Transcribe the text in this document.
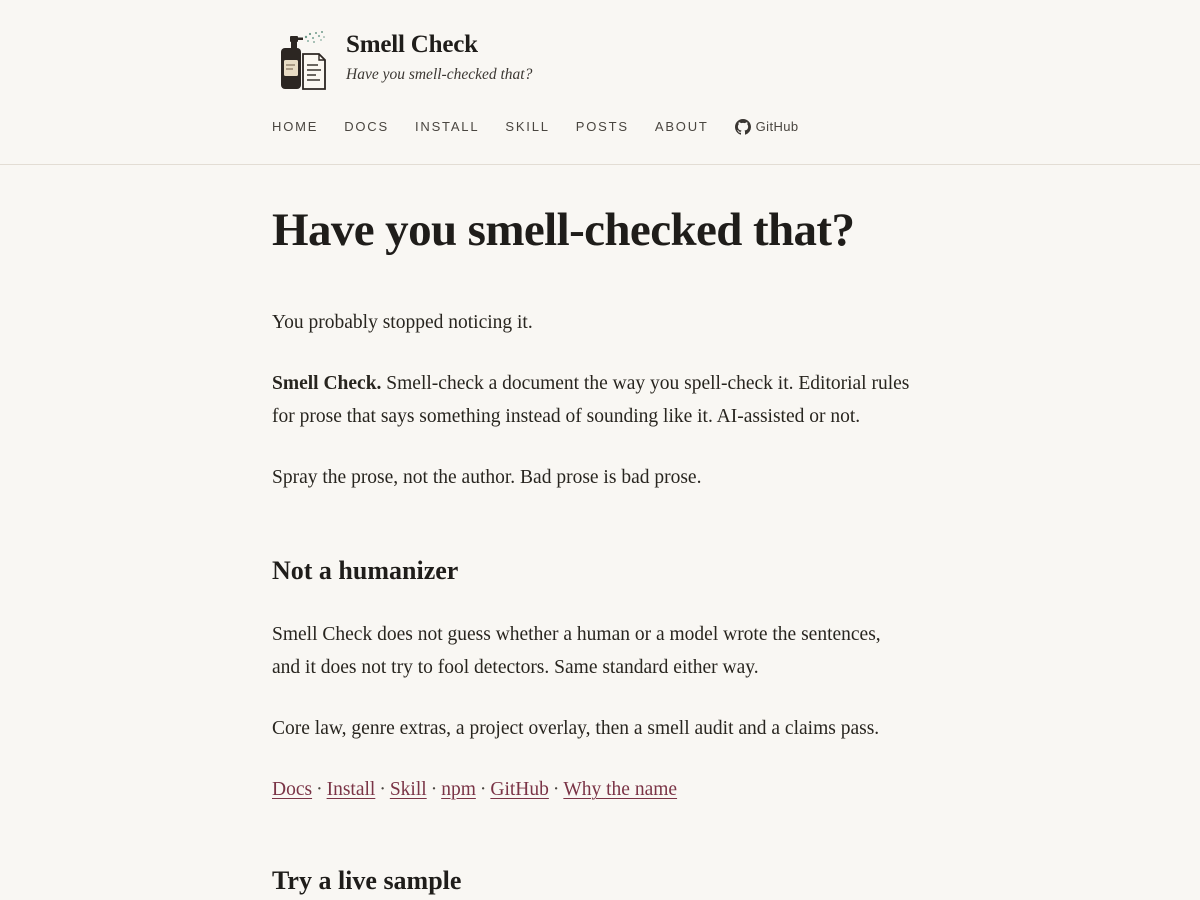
Smell Check
Have you smell-checked that?
HOME DOCS INSTALL SKILL POSTS ABOUT	GitHub
Have you smell-checked that?

You probably stopped noticing it.

Smell Check. Smell-check a document the way you spell-check it. Editorial rules for prose that says something instead of sounding like it. AI-assisted or not.

Spray the prose, not the author. Bad prose is bad prose.

Not a humanizer

Smell Check does not guess whether a human or a model wrote the sentences, and it does not try to fool detectors. Same standard either way.

Core law, genre extras, a project overlay, then a smell audit and a claims pass.

Docs · Install · Skill · npm · GitHub · Why the name

Try a live sample
